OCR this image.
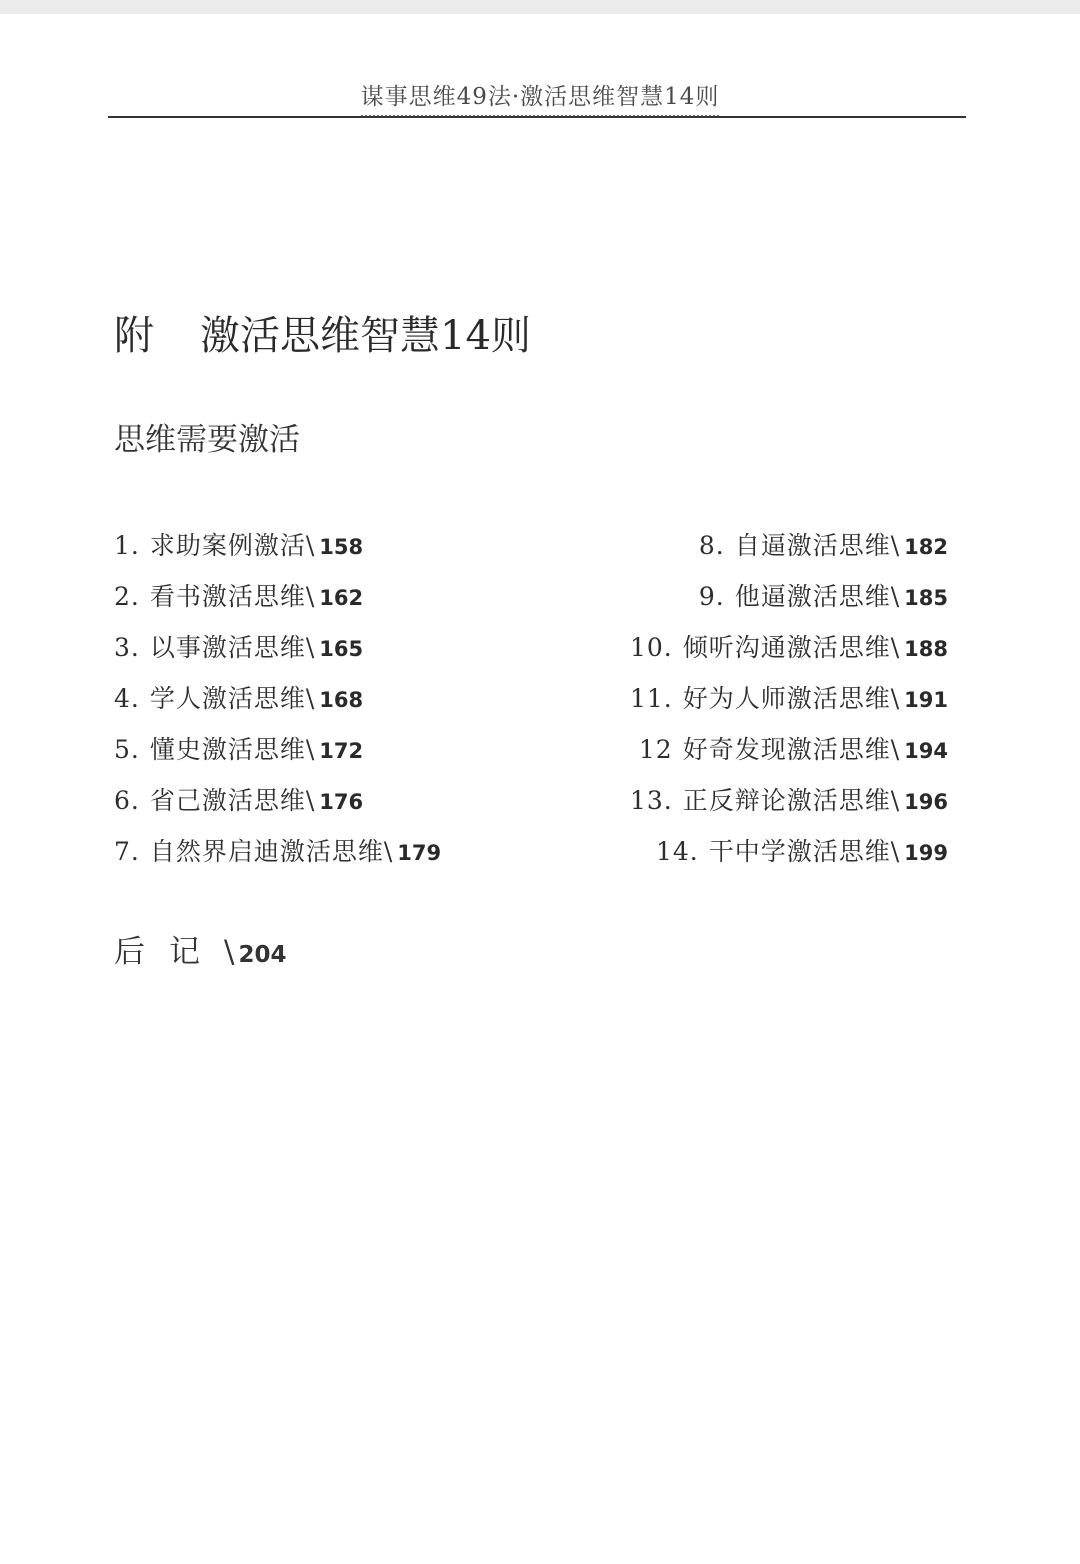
谋事思维49法·激活思维智慧14则
附 激活思维智慧14则
思维需要激活
1. 求助案例激活\ 158
2. 看书激活思维\ 162
3. 以事激活思维\ 165
4. 学人激活思维\ 168
5. 懂史激活思维\ 172
6. 省己激活思维\ 176
7. 自然界启迪激活思维\ 179
8. 自逼激活思维\ 182
9. 他逼激活思维\ 185
10. 倾听沟通激活思维\ 188
11. 好为人师激活思维\ 191
12 好奇发现激活思维\ 194
13. 正反辩论激活思维\ 196
14. 干中学激活思维\ 199
后记\ 204
